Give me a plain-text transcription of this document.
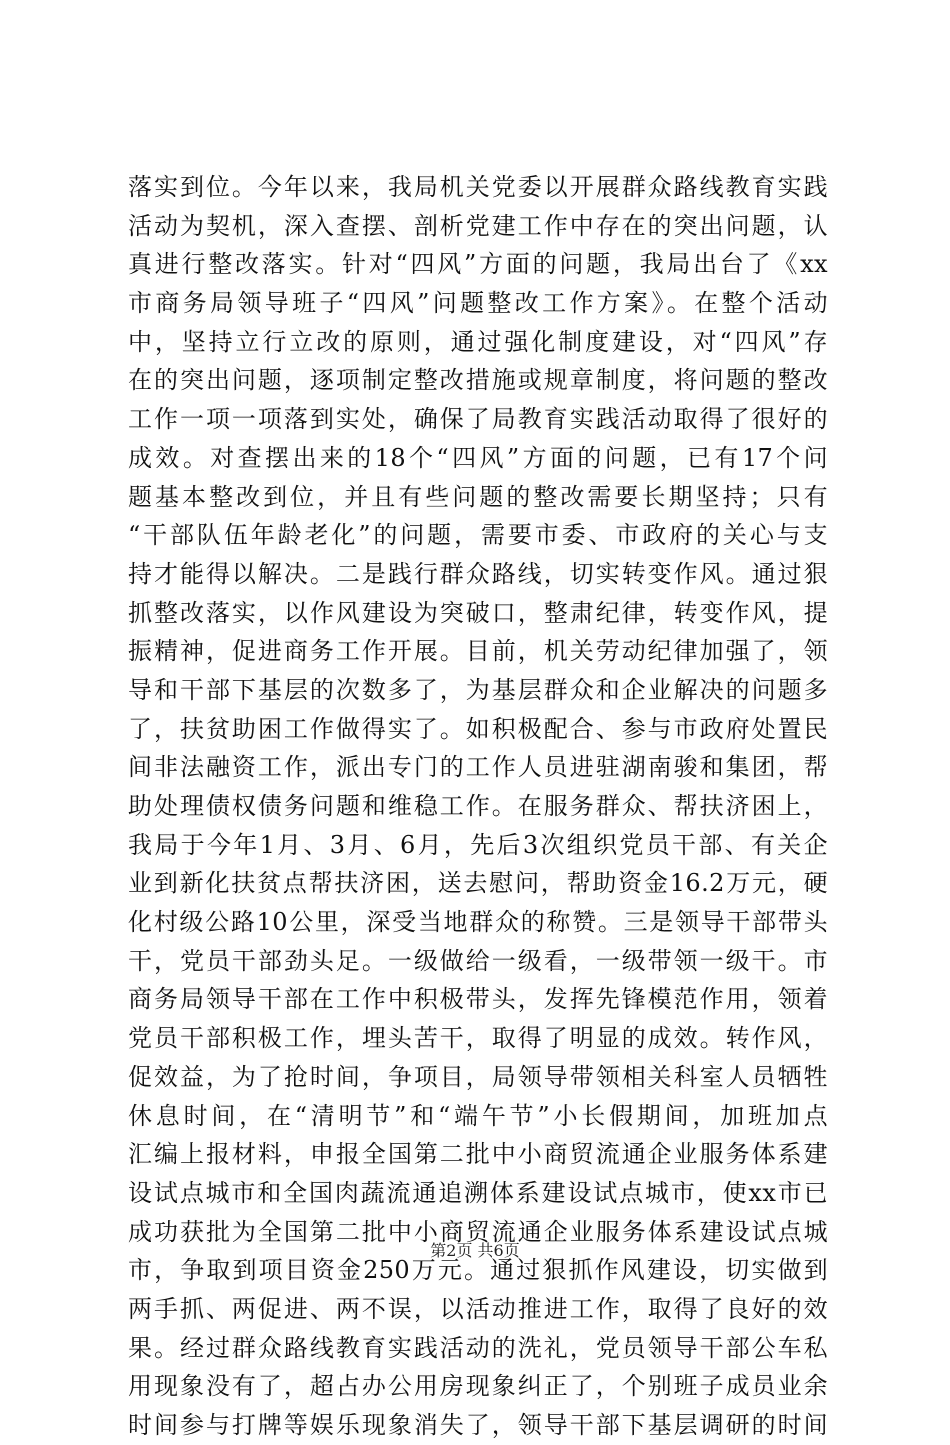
落实到位。今年以来，我局机关党委以开展群众路线教育实践
活动为契机，深入查摆、剖析党建工作中存在的突出问题，认
真进行整改落实。针对“四风”方面的问题，我局出台了《xx
市商务局领导班子“四风”问题整改工作方案》。在整个活动
中，坚持立行立改的原则，通过强化制度建设，对“四风”存
在的突出问题，逐项制定整改措施或规章制度，将问题的整改
工作一项一项落到实处，确保了局教育实践活动取得了很好的
成效。对查摆出来的18个“四风”方面的问题，已有17个问
题基本整改到位，并且有些问题的整改需要长期坚持；只有
“干部队伍年龄老化”的问题，需要市委、市政府的关心与支
持才能得以解决。二是践行群众路线，切实转变作风。通过狠
抓整改落实，以作风建设为突破口，整肃纪律，转变作风，提
振精神，促进商务工作开展。目前，机关劳动纪律加强了，领
导和干部下基层的次数多了，为基层群众和企业解决的问题多
了，扶贫助困工作做得实了。如积极配合、参与市政府处置民
间非法融资工作，派出专门的工作人员进驻湖南骏和集团，帮
助处理债权债务问题和维稳工作。在服务群众、帮扶济困上，
我局于今年1月、3月、6月，先后3次组织党员干部、有关企
业到新化扶贫点帮扶济困，送去慰问，帮助资金16.2万元，硬
化村级公路10公里，深受当地群众的称赞。三是领导干部带头
干，党员干部劲头足。一级做给一级看，一级带领一级干。市
商务局领导干部在工作中积极带头，发挥先锋模范作用，领着
党员干部积极工作，埋头苦干，取得了明显的成效。转作风，
促效益，为了抢时间，争项目，局领导带领相关科室人员牺牲
休息时间，在“清明节”和“端午节”小长假期间，加班加点
汇编上报材料，申报全国第二批中小商贸流通企业服务体系建
设试点城市和全国肉蔬流通追溯体系建设试点城市，使xx市已
成功获批为全国第二批中小商贸流通企业服务体系建设试点城
市，争取到项目资金250万元。通过狠抓作风建设，切实做到
两手抓、两促进、两不误，以活动推进工作，取得了良好的效
果。经过群众路线教育实践活动的洗礼，党员领导干部公车私
用现象没有了，超占办公用房现象纠正了，个别班子成员业余
时间参与打牌等娱乐现象消失了，领导干部下基层调研的时间
第2页 共6页
